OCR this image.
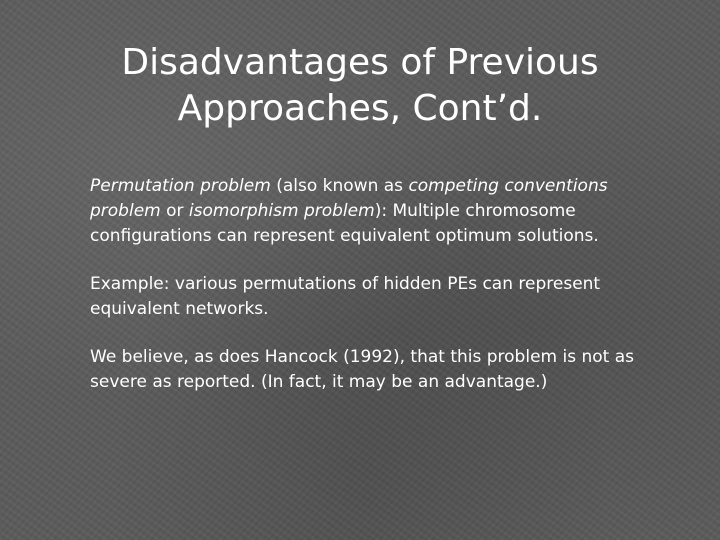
Disadvantages of Previous
Approaches, Cont’d.

Permutation problem (also known as competing conventions problem or isomorphism problem): Multiple chromosome configurations can represent equivalent optimum solutions.

Example: various permutations of hidden PEs can represent equivalent networks.

We believe, as does Hancock (1992), that this problem is not as severe as reported. (In fact, it may be an advantage.)
